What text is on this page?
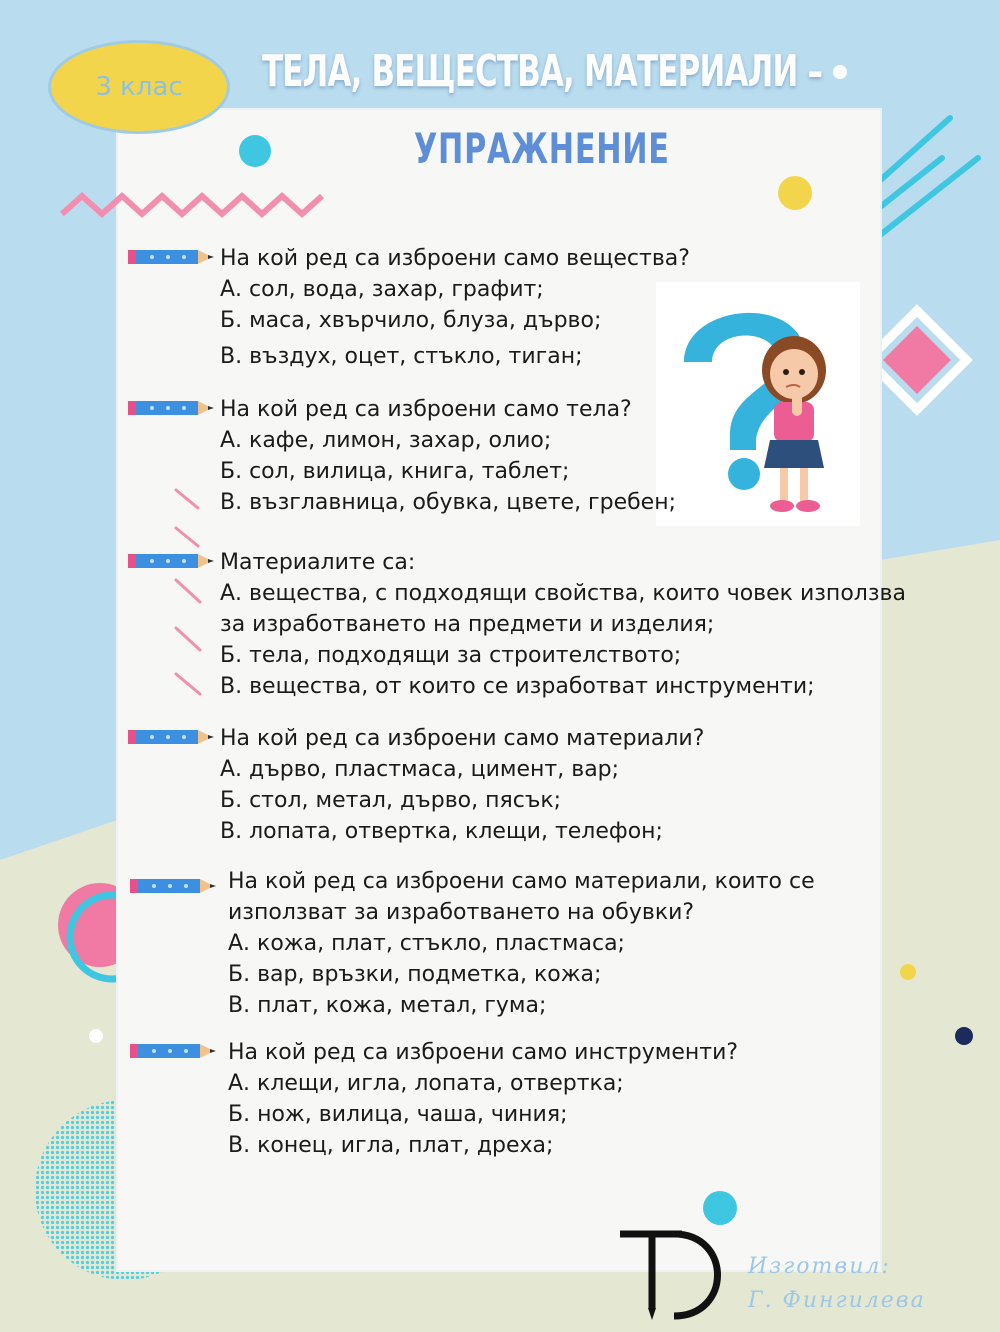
3 клас ТЕЛА, ВЕЩЕСТВА, МАТЕРИАЛИ –
УПРАЖНЕНИЕ
На кой ред са изброени само вещества?
А. сол, вода, захар, графит;
Б. маса, хвърчило, блуза, дърво;
В. въздух, оцет, стъкло, тиган;
На кой ред са изброени само тела?
А. кафе, лимон, захар, олио;
Б. сол, вилица, книга, таблет;
В. възглавница, обувка, цвете, гребен;
Материалите са:
А. вещества, с подходящи свойства, които човек използва
за изработването на предмети и изделия;
Б. тела, подходящи за строителството;
В. вещества, от които се изработват инструменти;
На кой ред са изброени само материали?
А. дърво, пластмаса, цимент, вар;
Б. стол, метал, дърво, пясък;
В. лопата, отвертка, клещи, телефон;
На кой ред са изброени само материали, които се
използват за изработването на обувки?
А. кожа, плат, стъкло, пластмаса;
Б. вар, връзки, подметка, кожа;
В. плат, кожа, метал, гума;
На кой ред са изброени само инструменти?
А. клещи, игла, лопата, отвертка;
Б. нож, вилица, чаша, чиния;
В. конец, игла, плат, дреха;
Изготвил:
Г. Фингилева
